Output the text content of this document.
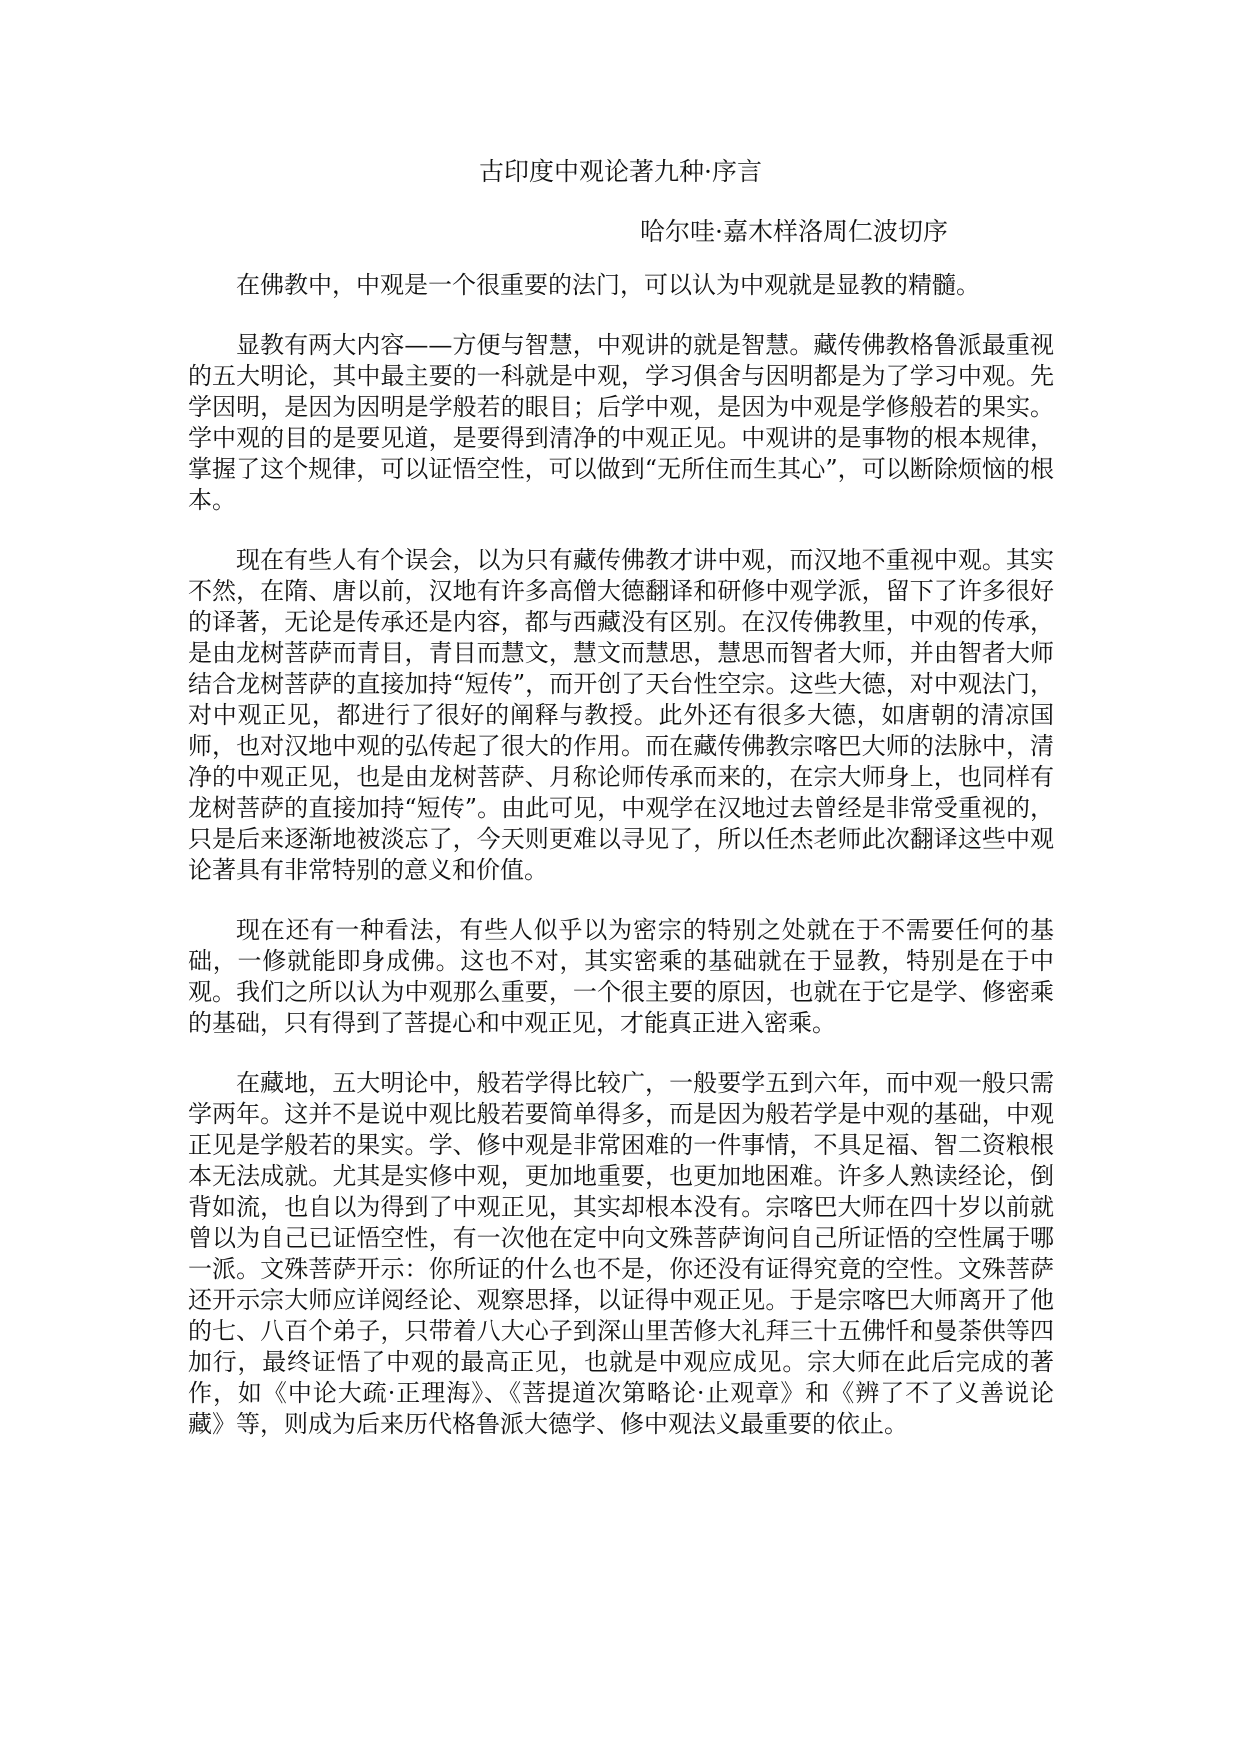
古印度中观论著九种·序言

哈尔哇·嘉木样洛周仁波切序

在佛教中，中观是一个很重要的法门，可以认为中观就是显教的精髓。

显教有两大内容——方便与智慧，中观讲的就是智慧。藏传佛教格鲁派最重视的五大明论，其中最主要的一科就是中观，学习俱舍与因明都是为了学习中观。先学因明，是因为因明是学般若的眼目；后学中观，是因为中观是学修般若的果实。学中观的目的是要见道，是要得到清净的中观正见。中观讲的是事物的根本规律，掌握了这个规律，可以证悟空性，可以做到“无所住而生其心”，可以断除烦恼的根本。

现在有些人有个误会，以为只有藏传佛教才讲中观，而汉地不重视中观。其实不然，在隋、唐以前，汉地有许多高僧大德翻译和研修中观学派，留下了许多很好的译著，无论是传承还是内容，都与西藏没有区别。在汉传佛教里，中观的传承，是由龙树菩萨而青目，青目而慧文，慧文而慧思，慧思而智者大师，并由智者大师结合龙树菩萨的直接加持“短传”，而开创了天台性空宗。这些大德，对中观法门，对中观正见，都进行了很好的阐释与教授。此外还有很多大德，如唐朝的清凉国师，也对汉地中观的弘传起了很大的作用。而在藏传佛教宗喀巴大师的法脉中，清净的中观正见，也是由龙树菩萨、月称论师传承而来的，在宗大师身上，也同样有龙树菩萨的直接加持“短传”。由此可见，中观学在汉地过去曾经是非常受重视的，只是后来逐渐地被淡忘了，今天则更难以寻见了，所以任杰老师此次翻译这些中观论著具有非常特别的意义和价值。

现在还有一种看法，有些人似乎以为密宗的特别之处就在于不需要任何的基础，一修就能即身成佛。这也不对，其实密乘的基础就在于显教，特别是在于中观。我们之所以认为中观那么重要，一个很主要的原因，也就在于它是学、修密乘的基础，只有得到了菩提心和中观正见，才能真正进入密乘。

在藏地，五大明论中，般若学得比较广，一般要学五到六年，而中观一般只需学两年。这并不是说中观比般若要简单得多，而是因为般若学是中观的基础，中观正见是学般若的果实。学、修中观是非常困难的一件事情，不具足福、智二资粮根本无法成就。尤其是实修中观，更加地重要，也更加地困难。许多人熟读经论，倒背如流，也自以为得到了中观正见，其实却根本没有。宗喀巴大师在四十岁以前就曾以为自己已证悟空性，有一次他在定中向文殊菩萨询问自己所证悟的空性属于哪一派。文殊菩萨开示：你所证的什么也不是，你还没有证得究竟的空性。文殊菩萨还开示宗大师应详阅经论、观察思择，以证得中观正见。于是宗喀巴大师离开了他的七、八百个弟子，只带着八大心子到深山里苦修大礼拜三十五佛忏和曼荼供等四加行，最终证悟了中观的最高正见，也就是中观应成见。宗大师在此后完成的著作，如《中论大疏·正理海》、《菩提道次第略论·止观章》和《辨了不了义善说论藏》等，则成为后来历代格鲁派大德学、修中观法义最重要的依止。
